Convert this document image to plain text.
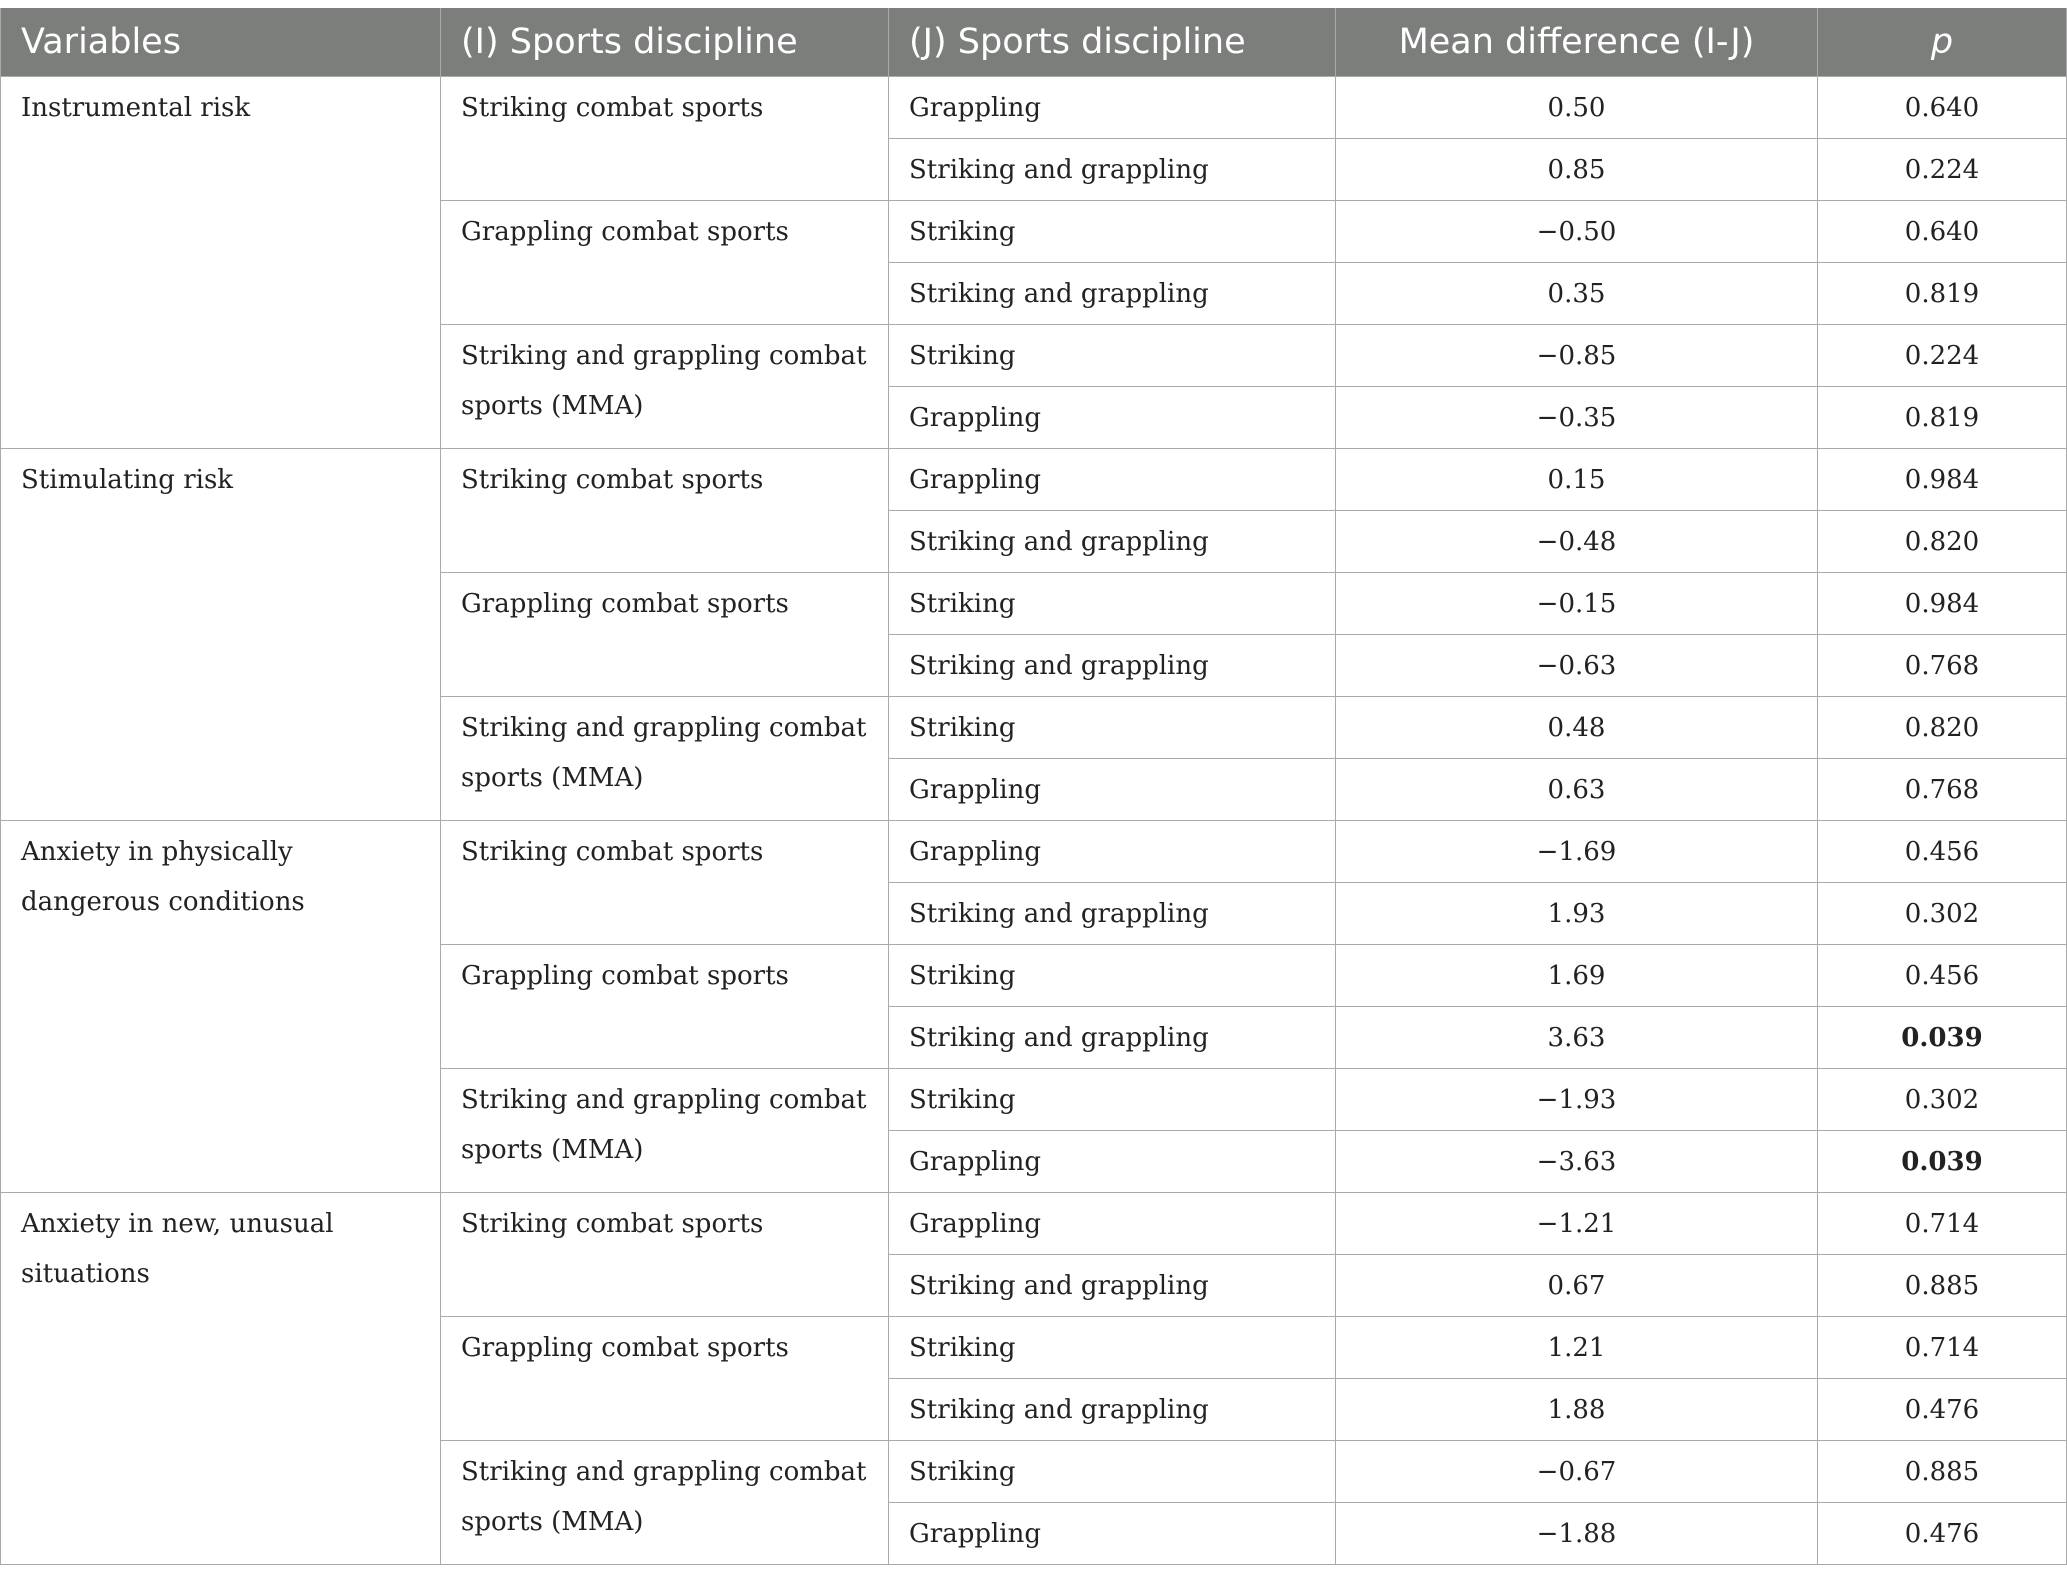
Variables	(I) Sports discipline	(J) Sports discipline	Mean difference (I-J)	p
Instrumental risk	Striking combat sports	Grappling	0.50	0.640
		Striking and grappling	0.85	0.224
	Grappling combat sports	Striking	−0.50	0.640
		Striking and grappling	0.35	0.819
	Striking and grappling combat sports (MMA)	Striking	−0.85	0.224
		Grappling	−0.35	0.819
Stimulating risk	Striking combat sports	Grappling	0.15	0.984
		Striking and grappling	−0.48	0.820
	Grappling combat sports	Striking	−0.15	0.984
		Striking and grappling	−0.63	0.768
	Striking and grappling combat sports (MMA)	Striking	0.48	0.820
		Grappling	0.63	0.768
Anxiety in physically dangerous conditions	Striking combat sports	Grappling	−1.69	0.456
		Striking and grappling	1.93	0.302
	Grappling combat sports	Striking	1.69	0.456
		Striking and grappling	3.63	0.039
	Striking and grappling combat sports (MMA)	Striking	−1.93	0.302
		Grappling	−3.63	0.039
Anxiety in new, unusual situations	Striking combat sports	Grappling	−1.21	0.714
		Striking and grappling	0.67	0.885
	Grappling combat sports	Striking	1.21	0.714
		Striking and grappling	1.88	0.476
	Striking and grappling combat sports (MMA)	Striking	−0.67	0.885
		Grappling	−1.88	0.476
